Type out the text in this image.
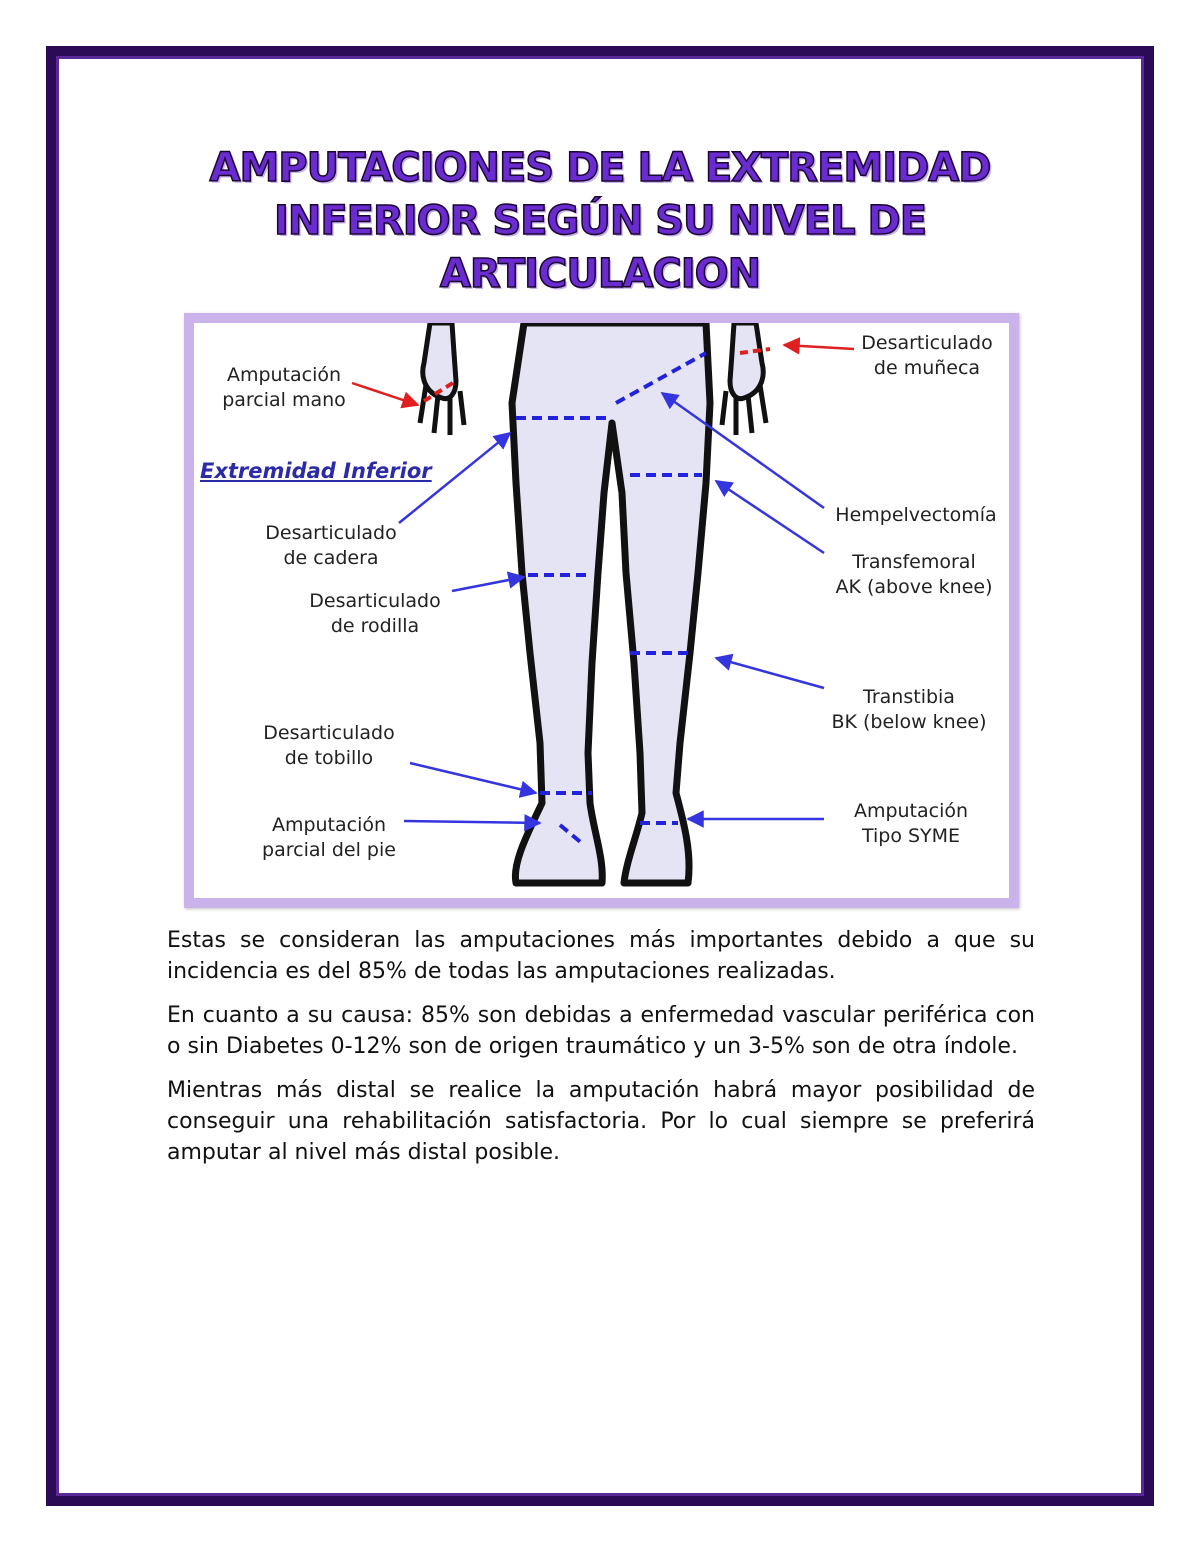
AMPUTACIONES DE LA EXTREMIDAD INFERIOR SEGÚN SU NIVEL DE ARTICULACION
Extremidad Inferior
Amputación
parcial mano
Desarticulado
de muñeca
Desarticulado
de cadera
Hempelvectomía
Transfemoral
AK (above knee)
Desarticulado
de rodilla
Transtibia
BK (below knee)
Desarticulado
de tobillo
Amputación
parcial del pie
Amputación
Tipo SYME

Estas se consideran las amputaciones más importantes debido a que su incidencia es del 85% de todas las amputaciones realizadas.

En cuanto a su causa: 85% son debidas a enfermedad vascular periférica con o sin Diabetes 0-12% son de origen traumático y un 3-5% son de otra índole.

Mientras más distal se realice la amputación habrá mayor posibilidad de conseguir una rehabilitación satisfactoria. Por lo cual siempre se preferirá amputar al nivel más distal posible.
